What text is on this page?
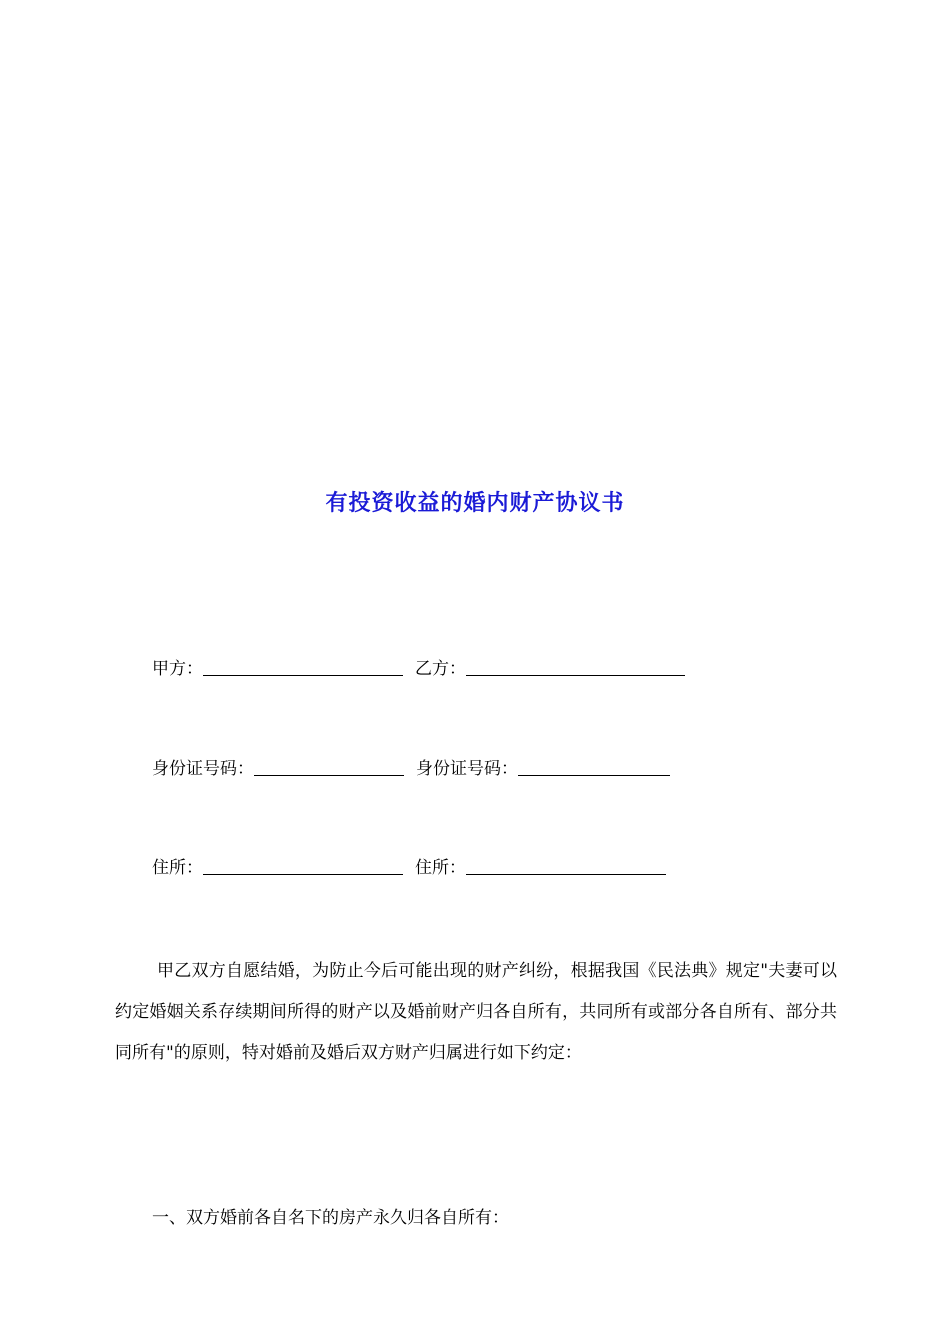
有投资收益的婚内财产协议书
甲方：	乙方：
身份证号码：	身份证号码：
住所：	住所：
甲乙双方自愿结婚，为防止今后可能出现的财产纠纷，根据我国《民法典》规定"夫妻可以约定婚姻关系存续期间所得的财产以及婚前财产归各自所有，共同所有或部分各自所有、部分共同所有"的原则，特对婚前及婚后双方财产归属进行如下约定：
一、双方婚前各自名下的房产永久归各自所有：
